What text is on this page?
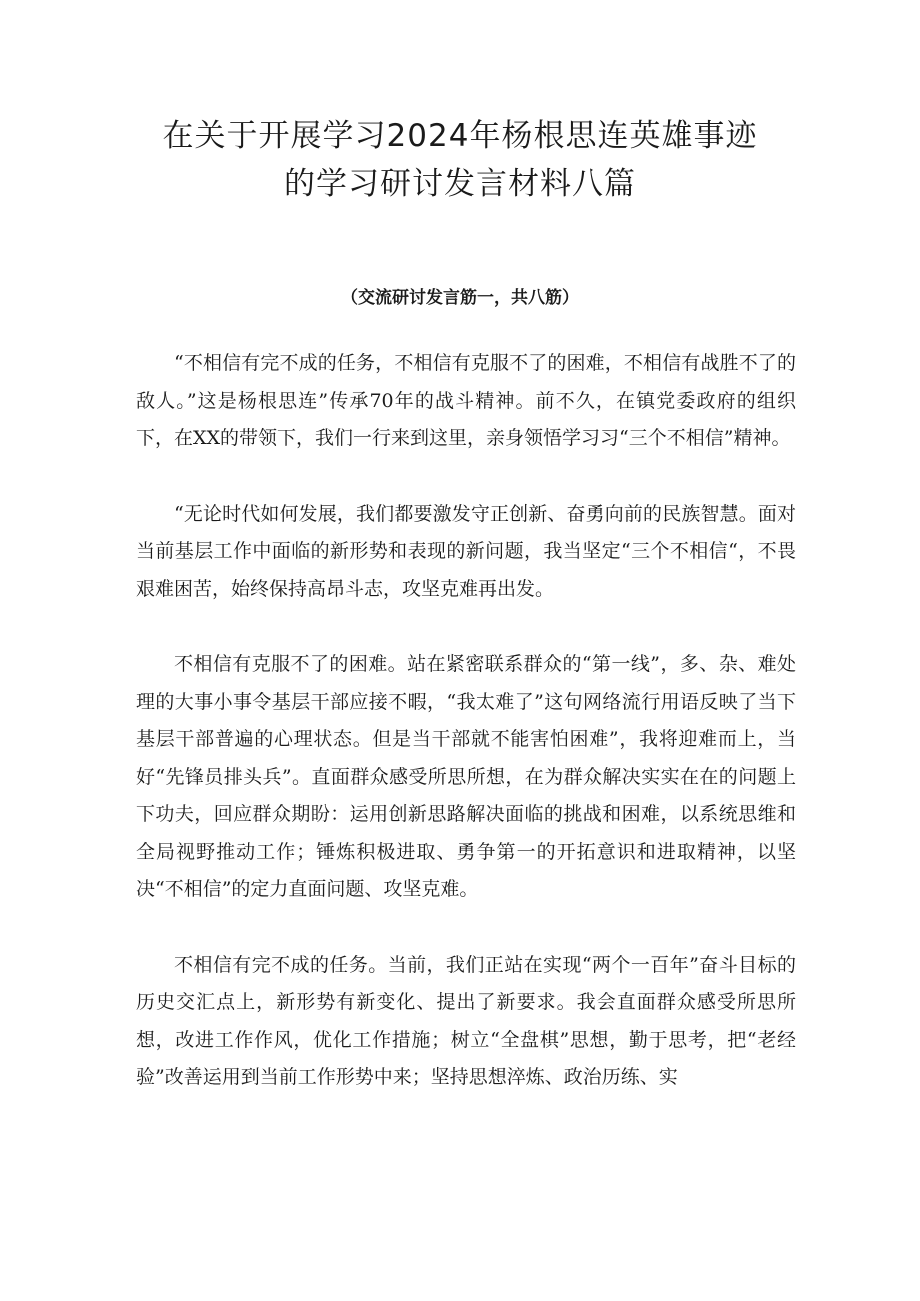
在关于开展学习2024年杨根思连英雄事迹
的学习研讨发言材料八篇
（交流研讨发言筋一，共八筋）

“不相信有完不成的任务，不相信有克服不了的困难，不相信有战胜不了的敌人。”这是杨根思连”传承70年的战斗精神。前不久，在镇党委政府的组织下，在XX的带领下，我们一行来到这里，亲身领悟学习习“三个不相信”精神。

“无论时代如何发展，我们都要激发守正创新、奋勇向前的民族智慧。面对当前基层工作中面临的新形势和表现的新问题，我当坚定“三个不相信“，不畏艰难困苦，始终保持高昂斗志，攻坚克难再出发。

不相信有克服不了的困难。站在紧密联系群众的“第一线”，多、杂、难处理的大事小事令基层干部应接不暇，“我太难了”这句网络流行用语反映了当下基层干部普遍的心理状态。但是当干部就不能害怕困难”，我将迎难而上，当好“先锋员排头兵”。直面群众感受所思所想，在为群众解决实实在在的问题上下功夫，回应群众期盼：运用创新思路解决面临的挑战和困难，以系统思维和全局视野推动工作；锤炼积极进取、勇争第一的开拓意识和进取精神，以坚决“不相信”的定力直面问题、攻坚克难。

不相信有完不成的任务。当前，我们正站在实现“两个一百年”奋斗目标的历史交汇点上，新形势有新变化、提出了新要求。我会直面群众感受所思所想，改进工作作风，优化工作措施；树立“全盘棋”思想，勤于思考，把“老经验”改善运用到当前工作形势中来；坚持思想淬炼、政治历练、实
